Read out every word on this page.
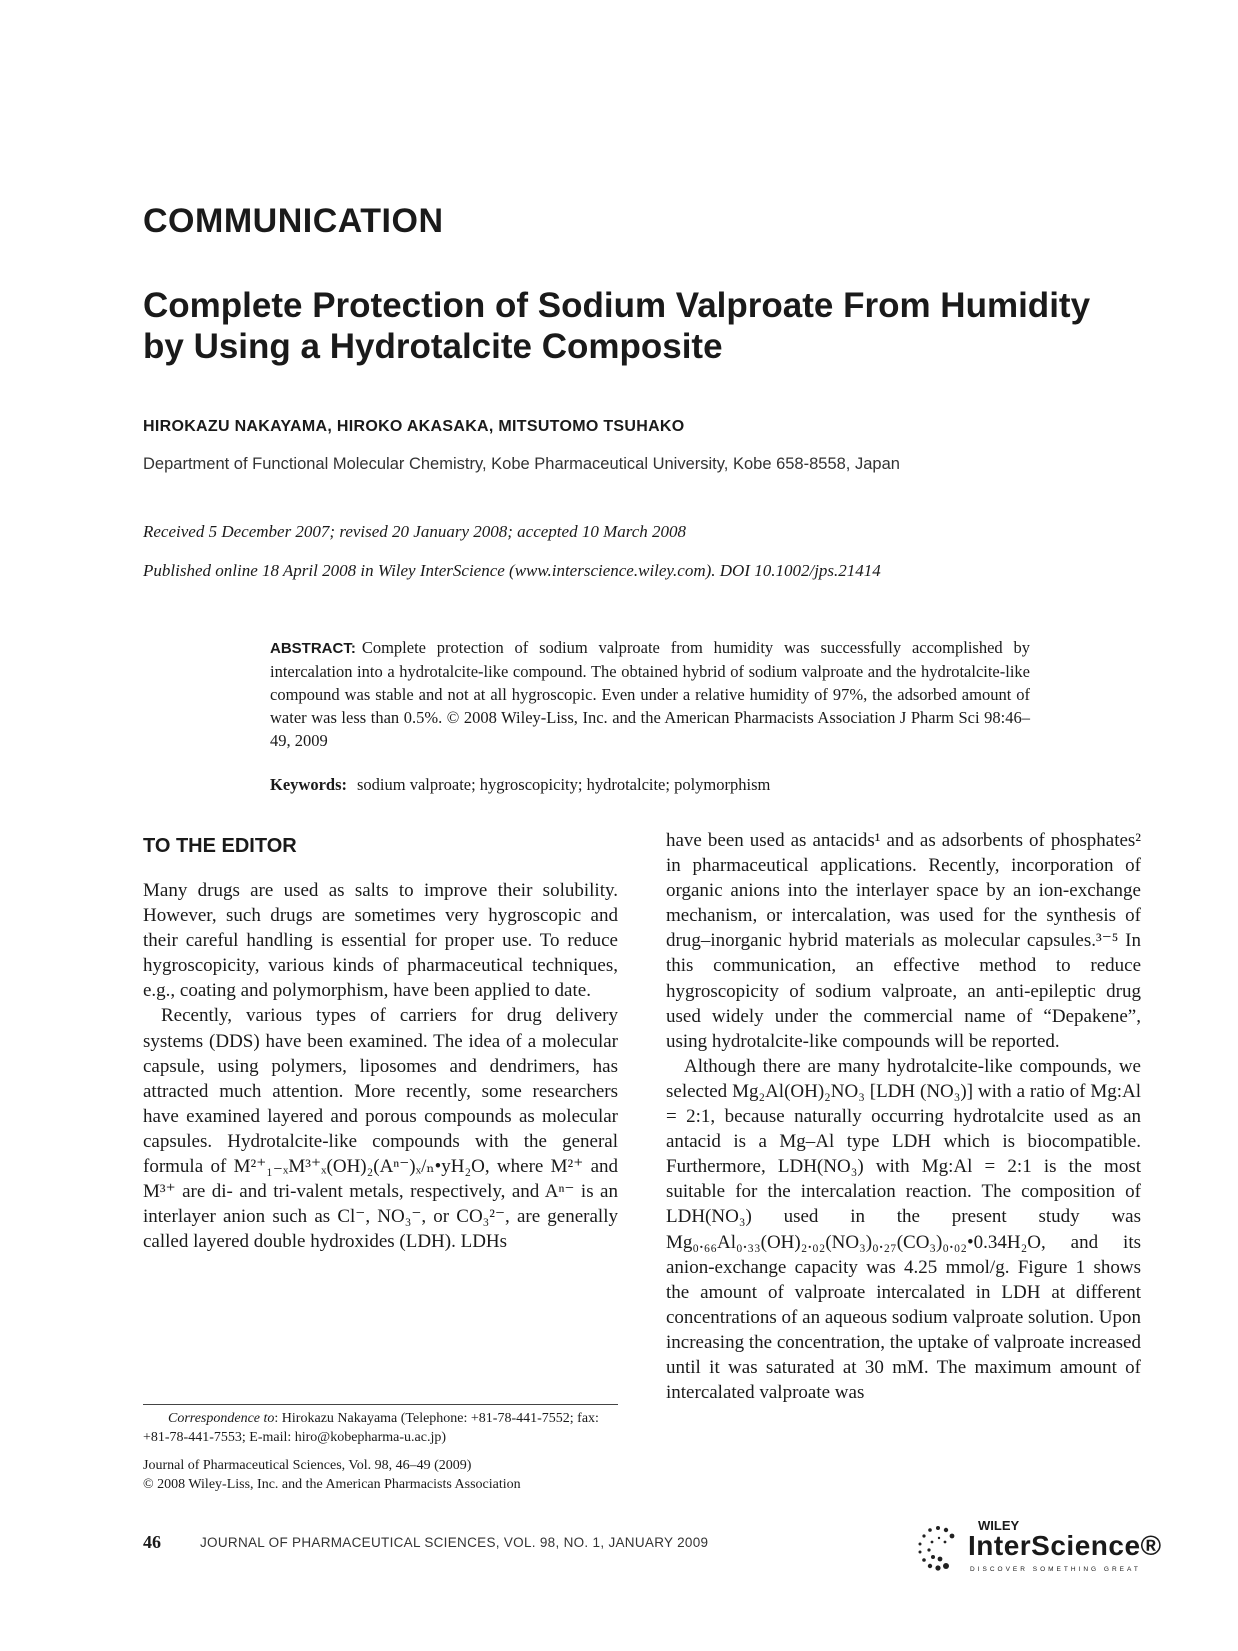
COMMUNICATION
Complete Protection of Sodium Valproate From Humidity by Using a Hydrotalcite Composite
HIROKAZU NAKAYAMA, HIROKO AKASAKA, MITSUTOMO TSUHAKO
Department of Functional Molecular Chemistry, Kobe Pharmaceutical University, Kobe 658-8558, Japan
Received 5 December 2007; revised 20 January 2008; accepted 10 March 2008
Published online 18 April 2008 in Wiley InterScience (www.interscience.wiley.com). DOI 10.1002/jps.21414
ABSTRACT: Complete protection of sodium valproate from humidity was successfully accomplished by intercalation into a hydrotalcite-like compound. The obtained hybrid of sodium valproate and the hydrotalcite-like compound was stable and not at all hygroscopic. Even under a relative humidity of 97%, the adsorbed amount of water was less than 0.5%. © 2008 Wiley-Liss, Inc. and the American Pharmacists Association J Pharm Sci 98:46–49, 2009
Keywords: sodium valproate; hygroscopicity; hydrotalcite; polymorphism
TO THE EDITOR

Many drugs are used as salts to improve their solubility. However, such drugs are sometimes very hygroscopic and their careful handling is essential for proper use. To reduce hygroscopicity, various kinds of pharmaceutical techniques, e.g., coating and polymorphism, have been applied to date.

Recently, various types of carriers for drug delivery systems (DDS) have been examined. The idea of a molecular capsule, using polymers, liposomes and dendrimers, has attracted much attention. More recently, some researchers have examined layered and porous compounds as molecular capsules. Hydrotalcite-like compounds with the general formula of M²⁺₁₋ₓM³⁺ₓ(OH)₂(Aⁿ⁻)ₓ/ₙ•yH₂O, where M²⁺ and M³⁺ are di- and tri-valent metals, respectively, and Aⁿ⁻ is an interlayer anion such as Cl⁻, NO₃⁻, or CO₃²⁻, are generally called layered double hydroxides (LDH). LDHs

have been used as antacids¹ and as adsorbents of phosphates² in pharmaceutical applications. Recently, incorporation of organic anions into the interlayer space by an ion-exchange mechanism, or intercalation, was used for the synthesis of drug–inorganic hybrid materials as molecular capsules.³⁻⁵ In this communication, an effective method to reduce hygroscopicity of sodium valproate, an anti-epileptic drug used widely under the commercial name of “Depakene”, using hydrotalcite-like compounds will be reported.

Although there are many hydrotalcite-like compounds, we selected Mg₂Al(OH)₂NO₃ [LDH (NO₃)] with a ratio of Mg:Al = 2:1, because naturally occurring hydrotalcite used as an antacid is a Mg–Al type LDH which is biocompatible. Furthermore, LDH(NO₃) with Mg:Al = 2:1 is the most suitable for the intercalation reaction. The composition of LDH(NO₃) used in the present study was Mg₀.₆₆Al₀.₃₃(OH)₂.₀₂(NO₃)₀.₂₇(CO₃)₀.₀₂•0.34H₂O, and its anion-exchange capacity was 4.25 mmol/g. Figure 1 shows the amount of valproate intercalated in LDH at different concentrations of an aqueous sodium valproate solution. Upon increasing the concentration, the uptake of valproate increased until it was saturated at 30 mM. The maximum amount of intercalated valproate was

Correspondence to: Hirokazu Nakayama (Telephone: +81-78-441-7552; fax: +81-78-441-7553; E-mail: hiro@kobepharma-u.ac.jp)
Journal of Pharmaceutical Sciences, Vol. 98, 46–49 (2009)
© 2008 Wiley-Liss, Inc. and the American Pharmacists Association
46	JOURNAL OF PHARMACEUTICAL SCIENCES, VOL. 98, NO. 1, JANUARY 2009
WILEY
InterScience®
DISCOVER SOMETHING GREAT
